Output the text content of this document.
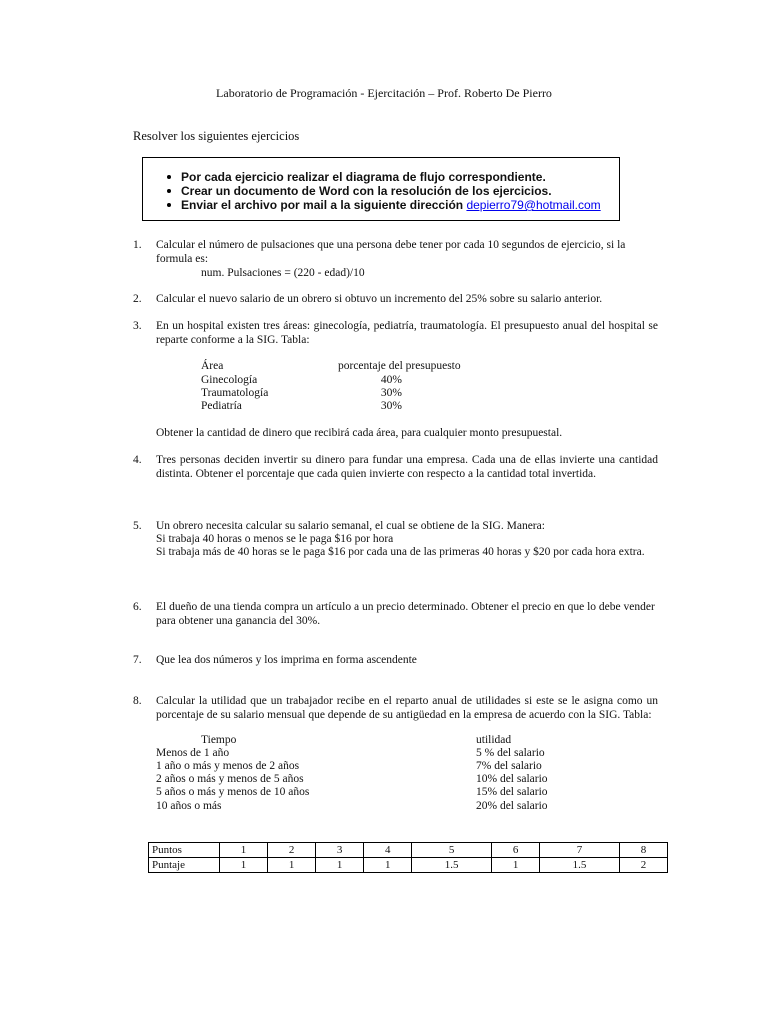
Laboratorio de Programación - Ejercitación – Prof. Roberto De Pierro
Resolver los siguientes ejercicios
Por cada ejercicio realizar el diagrama de flujo correspondiente.
Crear un documento de Word con la resolución de los ejercicios.
Enviar el archivo por mail a la siguiente dirección depierro79@hotmail.com
1. Calcular el número de pulsaciones que una persona debe tener por cada 10 segundos de ejercicio, si la
formula es:
num. Pulsaciones = (220 - edad)/10
2. Calcular el nuevo salario de un obrero si obtuvo un incremento del 25% sobre su salario anterior.
3. En un hospital existen tres áreas: ginecología, pediatría, traumatología. El presupuesto anual del hospital se reparte conforme a la SIG. Tabla:
Área	porcentaje del presupuesto
Ginecología	40%
Traumatología	30%
Pediatría	30%
Obtener la cantidad de dinero que recibirá cada área, para cualquier monto presupuestal.
4. Tres personas deciden invertir su dinero para fundar una empresa. Cada una de ellas invierte una cantidad distinta. Obtener el porcentaje que cada quien invierte con respecto a la cantidad total invertida.
5. Un obrero necesita calcular su salario semanal, el cual se obtiene de la SIG. Manera:
Si trabaja 40 horas o menos se le paga $16 por hora
Si trabaja más de 40 horas se le paga $16 por cada una de las primeras 40 horas y $20 por cada hora extra.
6. El dueño de una tienda compra un artículo a un precio determinado. Obtener el precio en que lo debe vender para obtener una ganancia del 30%.
7. Que lea dos números y los imprima en forma ascendente
8. Calcular la utilidad que un trabajador recibe en el reparto anual de utilidades si este se le asigna como un porcentaje de su salario mensual que depende de su antigüedad en la empresa de acuerdo con la SIG. Tabla:
Tiempo	utilidad
Menos de 1 año	5 % del salario
1 año o más y menos de 2 años	7% del salario
2 años o más y menos de 5 años	10% del salario
5 años o más y menos de 10 años	15% del salario
10 años o más	20% del salario
Puntos	1	2	3	4	5	6	7	8
Puntaje	1	1	1	1	1.5	1	1.5	2
